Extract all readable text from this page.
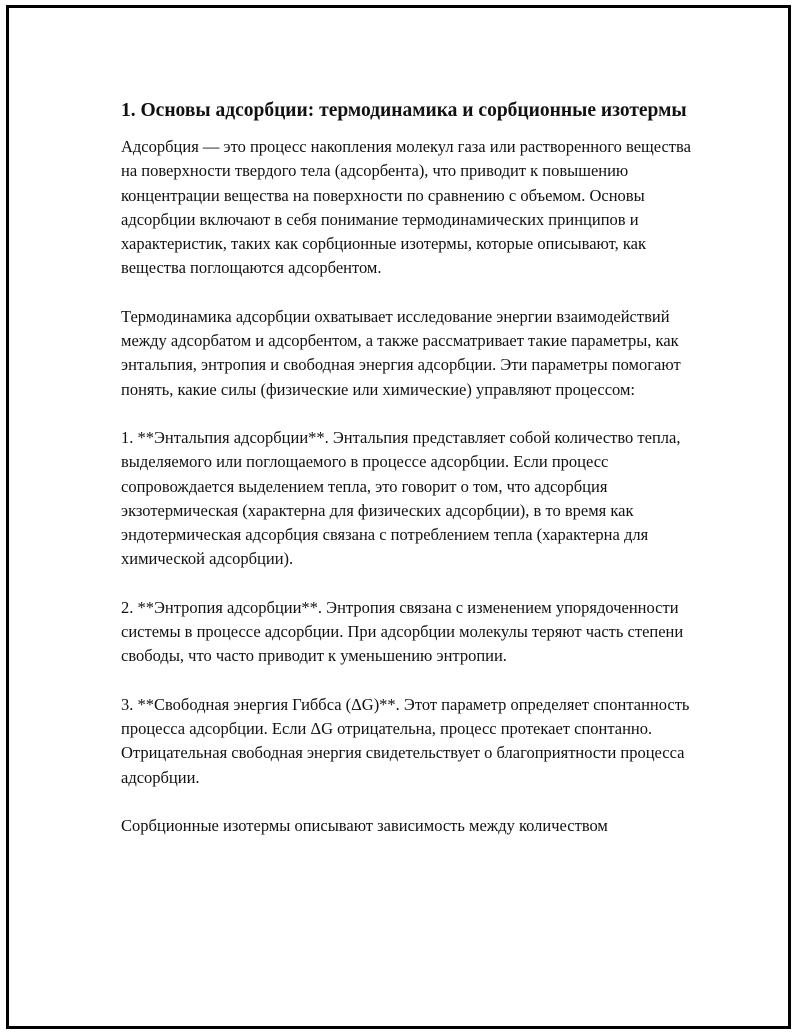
1. Основы адсорбции: термодинамика и сорбционные изотермы

Адсорбция — это процесс накопления молекул газа или растворенного вещества на поверхности твердого тела (адсорбента), что приводит к повышению концентрации вещества на поверхности по сравнению с объемом. Основы адсорбции включают в себя понимание термодинамических принципов и характеристик, таких как сорбционные изотермы, которые описывают, как вещества поглощаются адсорбентом.

Термодинамика адсорбции охватывает исследование энергии взаимодействий между адсорбатом и адсорбентом, а также рассматривает такие параметры, как энтальпия, энтропия и свободная энергия адсорбции. Эти параметры помогают понять, какие силы (физические или химические) управляют процессом:

1. **Энтальпия адсорбции**. Энтальпия представляет собой количество тепла, выделяемого или поглощаемого в процессе адсорбции. Если процесс сопровождается выделением тепла, это говорит о том, что адсорбция экзотермическая (характерна для физических адсорбции), в то время как эндотермическая адсорбция связана с потреблением тепла (характерна для химической адсорбции).

2. **Энтропия адсорбции**. Энтропия связана с изменением упорядоченности системы в процессе адсорбции. При адсорбции молекулы теряют часть степени свободы, что часто приводит к уменьшению энтропии.

3. **Свободная энергия Гиббса (ΔG)**. Этот параметр определяет спонтанность процесса адсорбции. Если ΔG отрицательна, процесс протекает спонтанно. Отрицательная свободная энергия свидетельствует о благоприятности процесса адсорбции.

Сорбционные изотермы описывают зависимость между количеством
